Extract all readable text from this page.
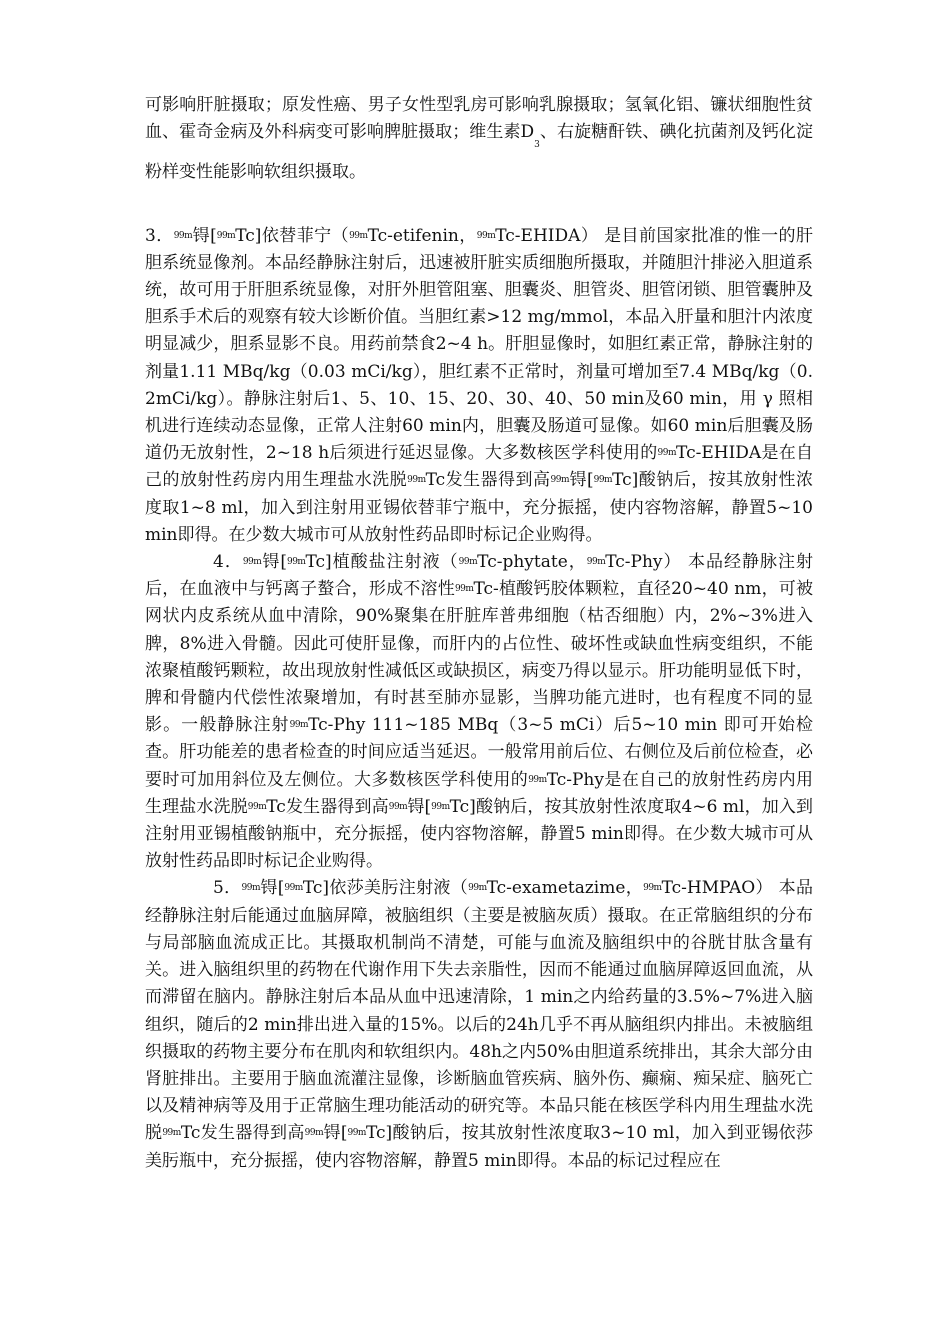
可影响肝脏摄取；原发性癌、男子女性型乳房可影响乳腺摄取；氢氧化铝、镰状细胞性贫血、霍奇金病及外科病变可影响脾脏摄取；维生素$D_3$、右旋糖酐铁、碘化抗菌剂及钙化淀粉样变性能影响软组织摄取。

3．$^{99m}$锝[$^{99m}$Tc]依替菲宁（$^{99m}$Tc-etifenin，$^{99m}$Tc-EHIDA） 是目前国家批准的惟一的肝胆系统显像剂。本品经静脉注射后，迅速被肝脏实质细胞所摄取，并随胆汁排泌入胆道系统，故可用于肝胆系统显像，对肝外胆管阻塞、胆囊炎、胆管炎、胆管闭锁、胆管囊肿及胆系手术后的观察有较大诊断价值。当胆红素>12 mg/mmol，本品入肝量和胆汁内浓度明显减少，胆系显影不良。用药前禁食2~4 h。肝胆显像时，如胆红素正常，静脉注射的剂量1.11 MBq/kg（0.03 mCi/kg），胆红素不正常时，剂量可增加至7.4 MBq/kg（0.2mCi/kg）。静脉注射后1、5、10、15、20、30、40、50 min及60 min，用 γ 照相机进行连续动态显像，正常人注射60 min内，胆囊及肠道可显像。如60 min后胆囊及肠道仍无放射性，2~18 h后须进行延迟显像。大多数核医学科使用的$^{99m}$Tc-EHIDA是在自己的放射性药房内用生理盐水洗脱$^{99m}$Tc发生器得到高$^{99m}$锝[$^{99m}$Tc]酸钠后，按其放射性浓度取1~8 ml，加入到注射用亚锡依替菲宁瓶中，充分振摇，使内容物溶解，静置5~10 min即得。在少数大城市可从放射性药品即时标记企业购得。

4．$^{99m}$锝[$^{99m}$Tc]植酸盐注射液（$^{99m}$Tc-phytate，$^{99m}$Tc-Phy） 本品经静脉注射后，在血液中与钙离子螯合，形成不溶性$^{99m}$Tc-植酸钙胶体颗粒，直径20~40 nm，可被网状内皮系统从血中清除，90%聚集在肝脏库普弗细胞（枯否细胞）内，2%~3%进入脾，8%进入骨髓。因此可使肝显像，而肝内的占位性、破坏性或缺血性病变组织，不能浓聚植酸钙颗粒，故出现放射性减低区或缺损区，病变乃得以显示。肝功能明显低下时，脾和骨髓内代偿性浓聚增加，有时甚至肺亦显影，当脾功能亢进时，也有程度不同的显影。一般静脉注射$^{99m}$Tc-Phy 111~185 MBq（3~5 mCi）后5~10 min 即可开始检查。肝功能差的患者检查的时间应适当延迟。一般常用前后位、右侧位及后前位检查，必要时可加用斜位及左侧位。大多数核医学科使用的$^{99m}$Tc-Phy是在自己的放射性药房内用生理盐水洗脱$^{99m}$Tc发生器得到高$^{99m}$锝[$^{99m}$Tc]酸钠后，按其放射性浓度取4~6 ml，加入到注射用亚锡植酸钠瓶中，充分振摇，使内容物溶解，静置5 min即得。在少数大城市可从放射性药品即时标记企业购得。

5．$^{99m}$锝[$^{99m}$Tc]依莎美肟注射液（$^{99m}$Tc-exametazime，$^{99m}$Tc-HMPAO） 本品经静脉注射后能通过血脑屏障，被脑组织（主要是被脑灰质）摄取。在正常脑组织的分布与局部脑血流成正比。其摄取机制尚不清楚，可能与血流及脑组织中的谷胱甘肽含量有关。进入脑组织里的药物在代谢作用下失去亲脂性，因而不能通过血脑屏障返回血流，从而滞留在脑内。静脉注射后本品从血中迅速清除，1 min之内给药量的3.5%~7%进入脑组织，随后的2 min排出进入量的15%。以后的24h几乎不再从脑组织内排出。未被脑组织摄取的药物主要分布在肌肉和软组织内。48h之内50%由胆道系统排出，其余大部分由肾脏排出。主要用于脑血流灌注显像，诊断脑血管疾病、脑外伤、癫痫、痴呆症、脑死亡以及精神病等及用于正常脑生理功能活动的研究等。本品只能在核医学科内用生理盐水洗脱$^{99m}$Tc发生器得到高$^{99m}$锝[$^{99m}$Tc]酸钠后，按其放射性浓度取3~10 ml，加入到亚锡依莎美肟瓶中，充分振摇，使内容物溶解，静置5 min即得。本品的标记过程应在
